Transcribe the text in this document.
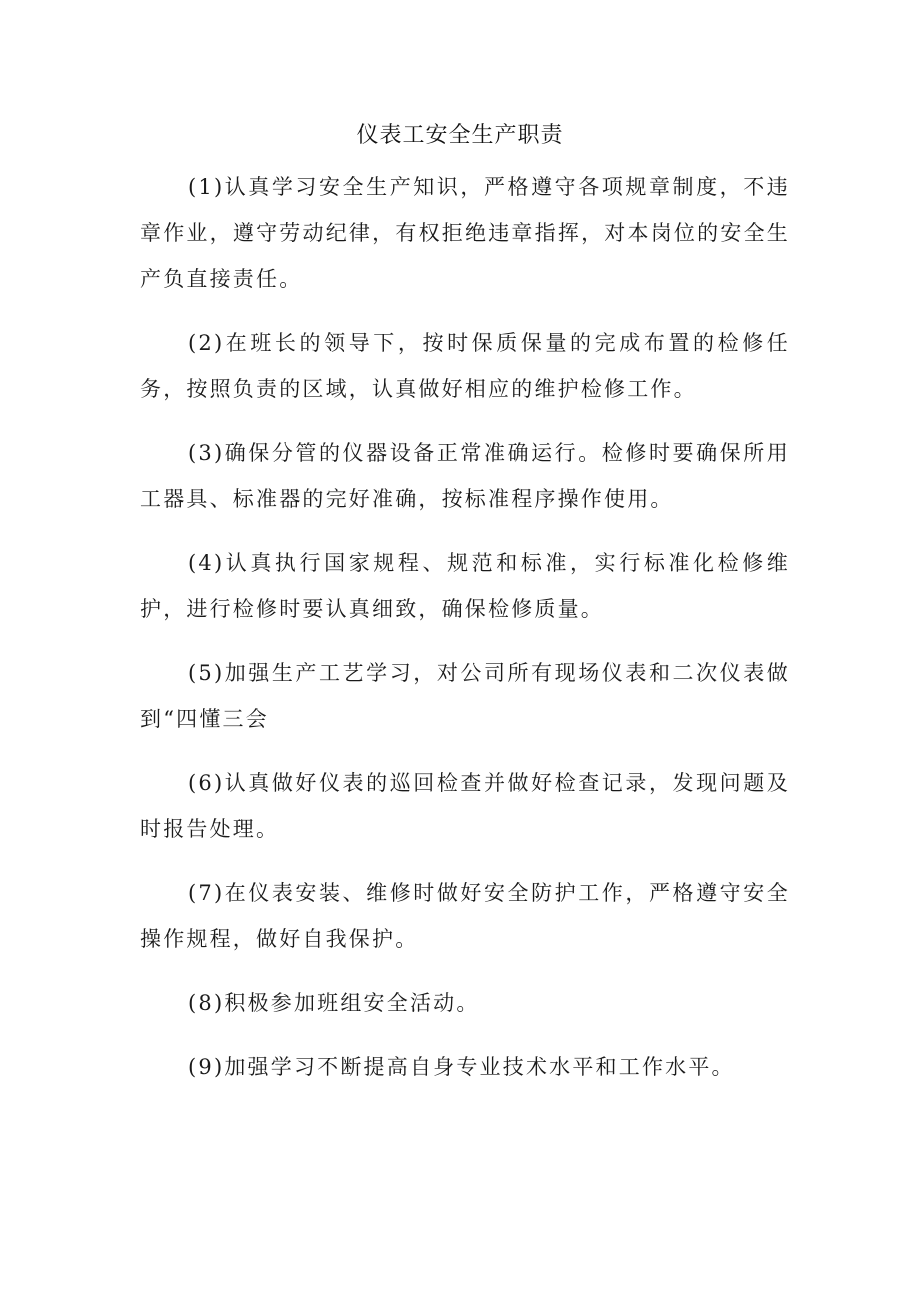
仪表工安全生产职责

(1)认真学习安全生产知识，严格遵守各项规章制度，不违章作业，遵守劳动纪律，有权拒绝违章指挥，对本岗位的安全生产负直接责任。

(2)在班长的领导下，按时保质保量的完成布置的检修任务，按照负责的区域，认真做好相应的维护检修工作。

(3)确保分管的仪器设备正常准确运行。检修时要确保所用工器具、标准器的完好准确，按标准程序操作使用。

(4)认真执行国家规程、规范和标准，实行标准化检修维护，进行检修时要认真细致，确保检修质量。

(5)加强生产工艺学习，对公司所有现场仪表和二次仪表做到“四懂三会

(6)认真做好仪表的巡回检查并做好检查记录，发现问题及时报告处理。

(7)在仪表安装、维修时做好安全防护工作，严格遵守安全操作规程，做好自我保护。

(8)积极参加班组安全活动。

(9)加强学习不断提高自身专业技术水平和工作水平。
